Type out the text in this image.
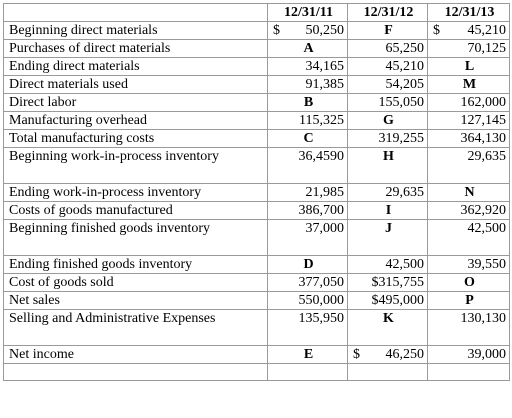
	12/31/11	12/31/12	12/31/13
Beginning direct materials	$ 50,250	F	$ 45,210

Purchases of direct materials	A	65,250	70,125
Ending direct materials	34,165	45,210	L
Direct materials used	91,385	54,205	M
Direct labor	B	155,050	162,000
Manufacturing overhead	115,325	G	127,145
Total manufacturing costs	C	319,255	364,130
Beginning work-in-process inventory	36,4590	H	29,635
Ending work-in-process inventory	21,985	29,635	N
Costs of goods manufactured	386,700	I	362,920
Beginning finished goods inventory	37,000	J	42,500
Ending finished goods inventory	D	42,500	39,550
Cost of goods sold	377,050	$315,755	O
Net sales	550,000	$495,000	P
Selling and Administrative Expenses	135,950	K	130,130
Net income	E	$ 46,250	39,000
